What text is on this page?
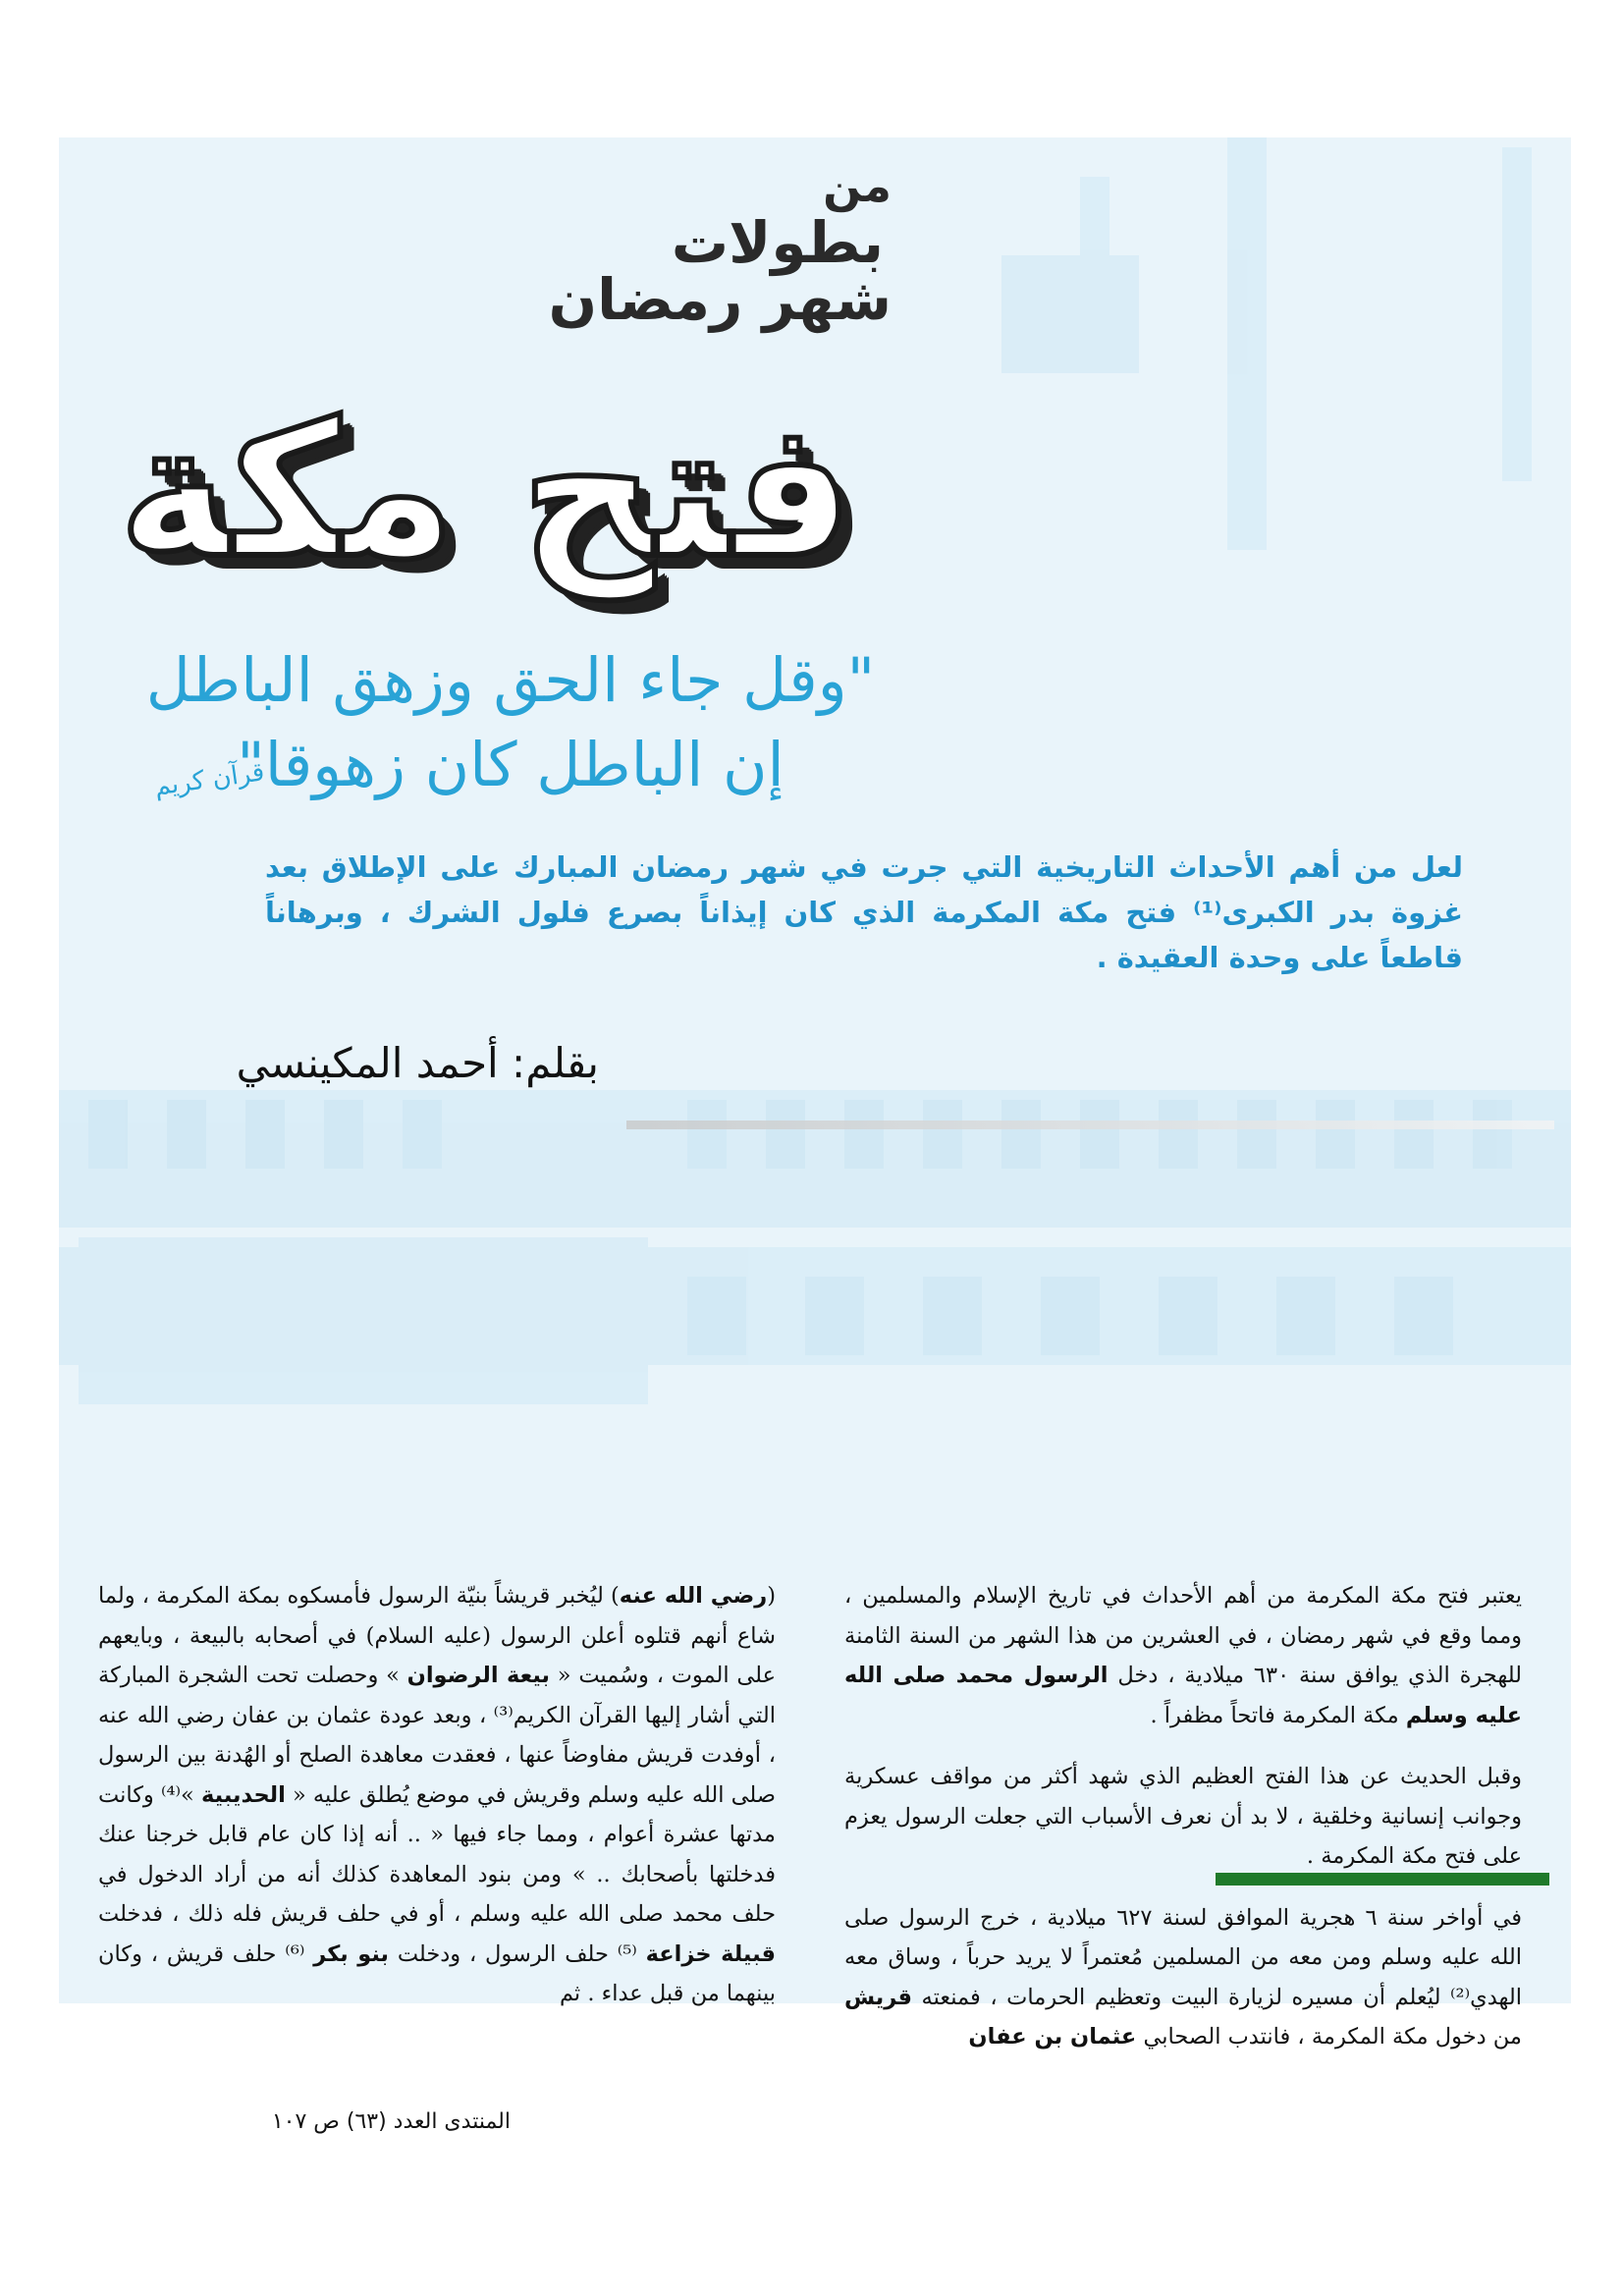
من
بطولات
شهر رمضان
فتح مكة
"وقل جاء الحق وزهق الباطل
إن الباطل كان زهوقا"
قرآن كريم
لعل من أهم الأحداث التاريخية التي جرت في شهر رمضان المبارك على الإطلاق بعد غزوة بدر الكبرى⁽¹⁾ فتح مكة المكرمة الذي كان إيذاناً بصرع فلول الشرك ، وبرهاناً قاطعاً على وحدة العقيدة .
بقلم: أحمد المكينسي

يعتبر فتح مكة المكرمة من أهم الأحداث في تاريخ الإسلام والمسلمين ، ومما وقع في شهر رمضان ، في العشرين من هذا الشهر من السنة الثامنة للهجرة الذي يوافق سنة ٦٣٠ ميلادية ، دخل الرسول محمد صلى الله عليه وسلم مكة المكرمة فاتحاً مظفراً .

وقبل الحديث عن هذا الفتح العظيم الذي شهد أكثر من مواقف عسكرية وجوانب إنسانية وخلقية ، لا بد أن نعرف الأسباب التي جعلت الرسول يعزم على فتح مكة المكرمة .

في أواخر سنة ٦ هجرية الموافق لسنة ٦٢٧ ميلادية ، خرج الرسول صلى الله عليه وسلم ومن معه من المسلمين مُعتمراً لا يريد حرباً ، وساق معه الهدي⁽²⁾ ليُعلم أن مسيره لزيارة البيت وتعظيم الحرمات ، فمنعته قريش من دخول مكة المكرمة ، فانتدب الصحابي عثمان بن عفان

(رضي الله عنه) ليُخبر قريشاً بنيّة الرسول فأمسكوه بمكة المكرمة ، ولما شاع أنهم قتلوه أعلن الرسول (عليه السلام) في أصحابه بالبيعة ، وبايعهم على الموت ، وسُميت « بيعة الرضوان » وحصلت تحت الشجرة المباركة التي أشار إليها القرآن الكريم⁽³⁾ ، وبعد عودة عثمان بن عفان رضي الله عنه ، أوفدت قريش مفاوضاً عنها ، فعقدت معاهدة الصلح أو الهُدنة بين الرسول صلى الله عليه وسلم وقريش في موضع يُطلق عليه « الحديبية »⁽⁴⁾ وكانت مدتها عشرة أعوام ، ومما جاء فيها « .. أنه إذا كان عام قابل خرجنا عنك فدخلتها بأصحابك .. » ومن بنود المعاهدة كذلك أنه من أراد الدخول في حلف محمد صلى الله عليه وسلم ، أو في حلف قريش فله ذلك ، فدخلت قبيلة خزاعة ⁽⁵⁾ حلف الرسول ، ودخلت بنو بكر ⁽⁶⁾ حلف قريش ، وكان بينهما من قبل عداء . ثم

المنتدى العدد (٦٣) ص ١٠٧
